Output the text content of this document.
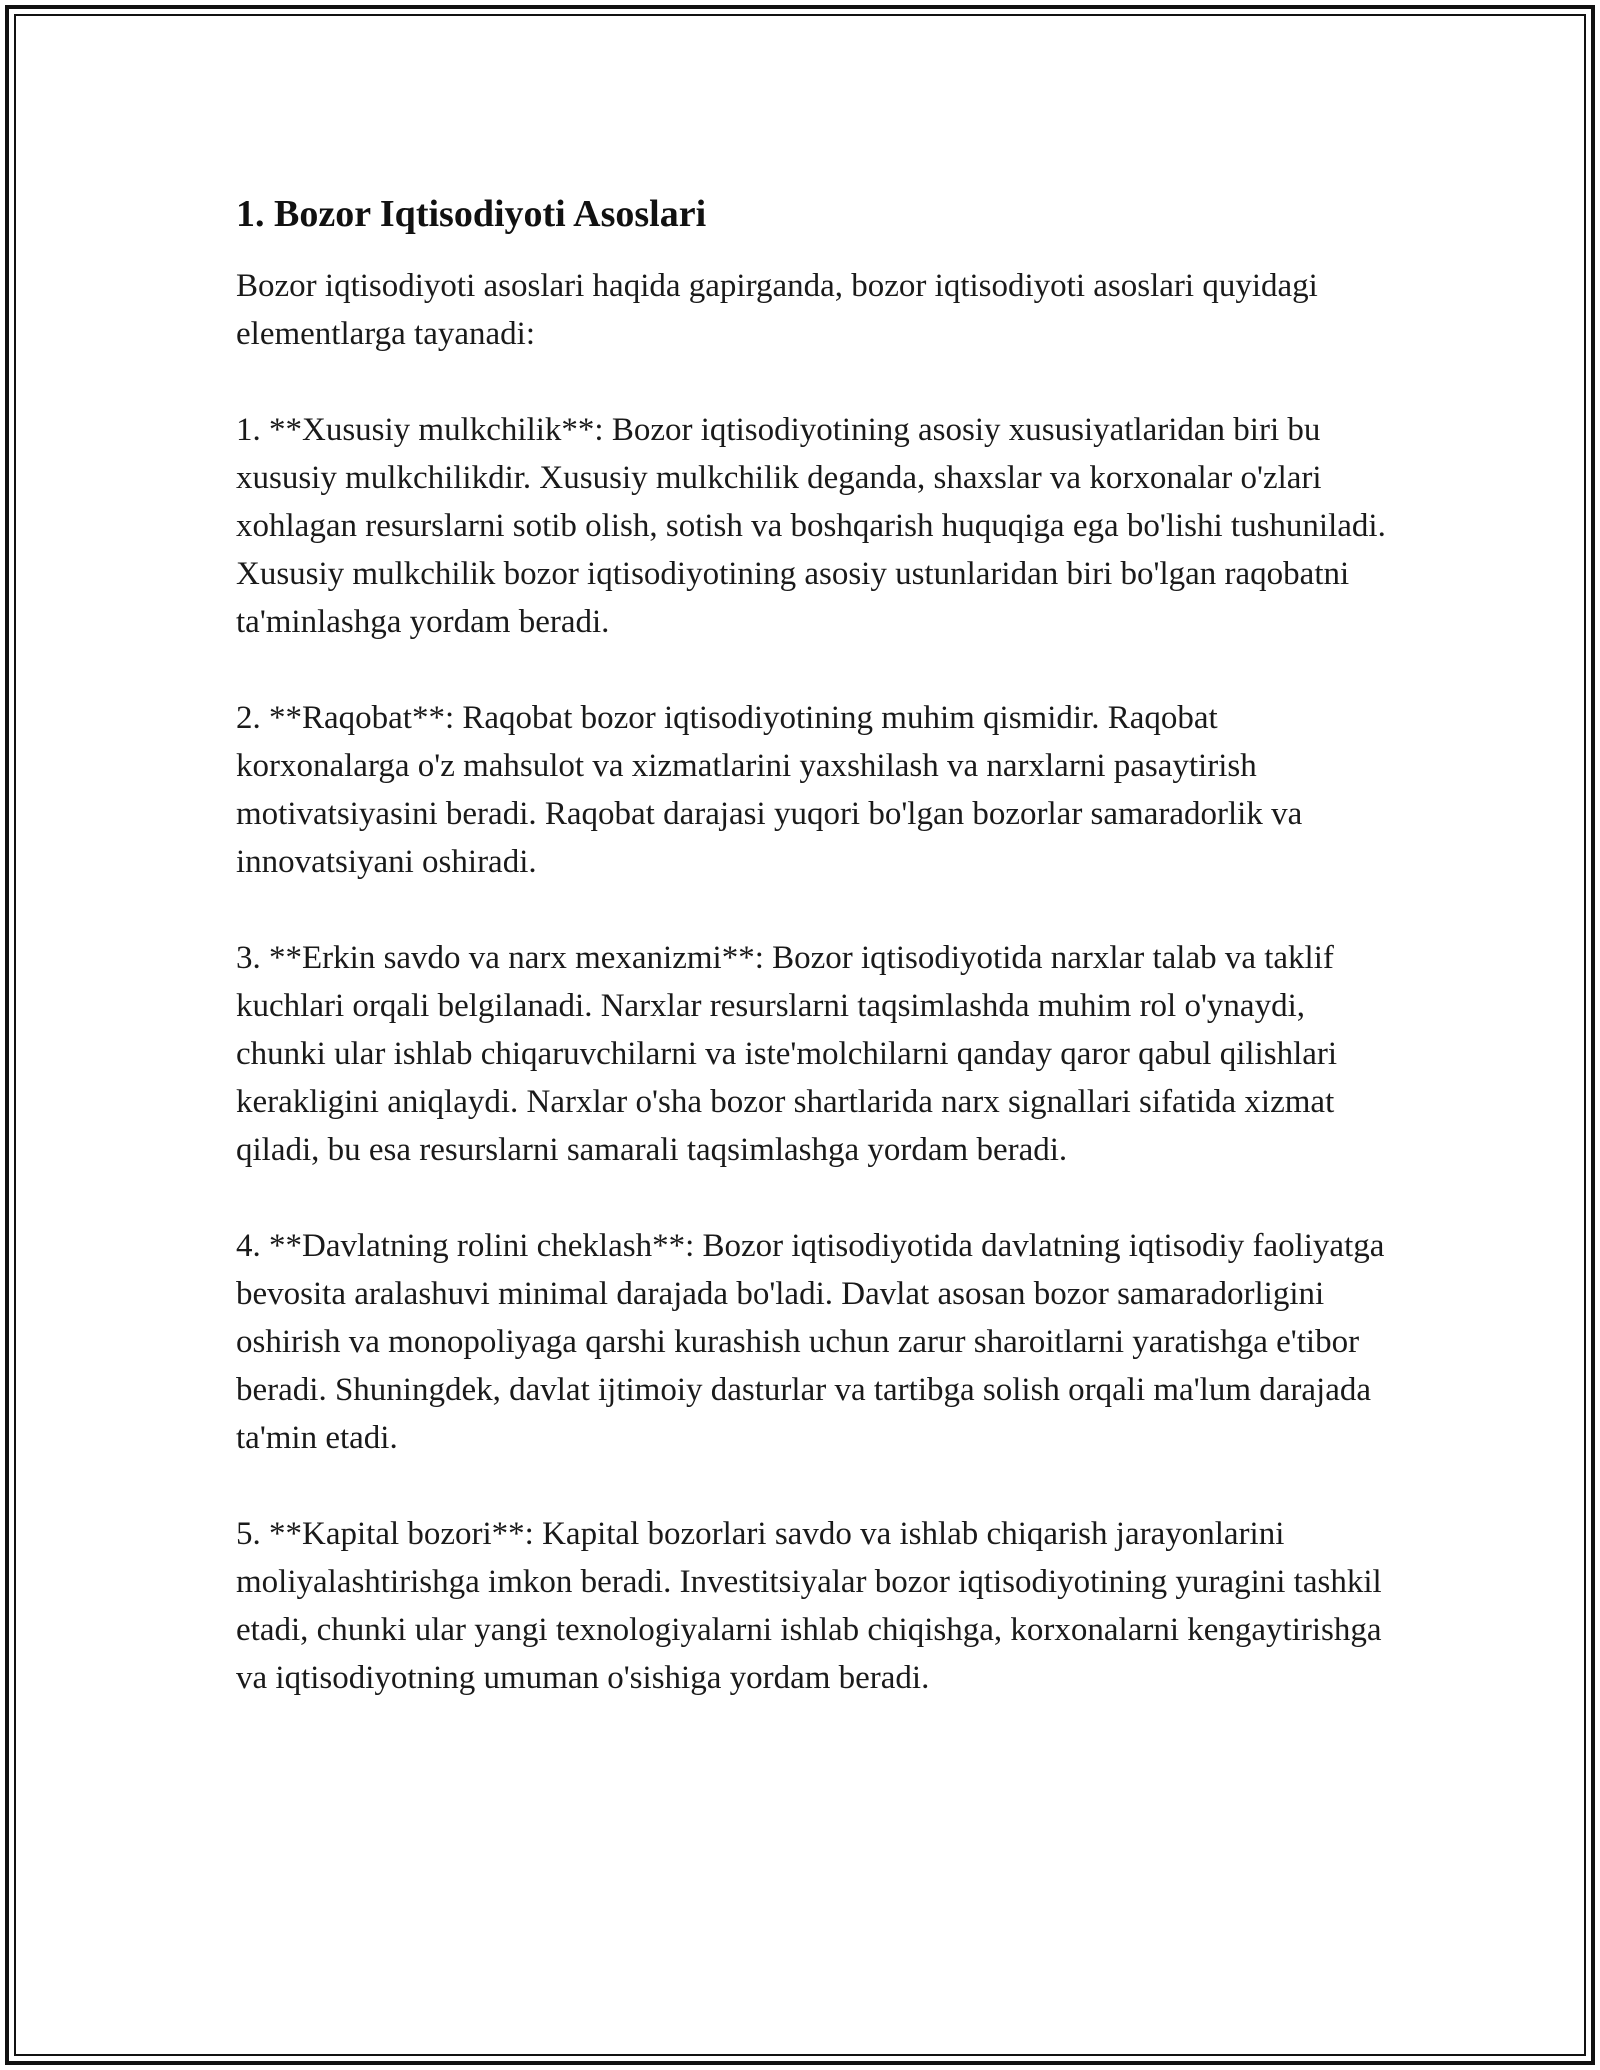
1. Bozor Iqtisodiyoti Asoslari

Bozor iqtisodiyoti asoslari haqida gapirganda, bozor iqtisodiyoti asoslari quyidagi elementlarga tayanadi:

1. **Xususiy mulkchilik**: Bozor iqtisodiyotining asosiy xususiyatlaridan biri bu xususiy mulkchilikdir. Xususiy mulkchilik deganda, shaxslar va korxonalar o'zlari xohlagan resurslarni sotib olish, sotish va boshqarish huquqiga ega bo'lishi tushuniladi. Xususiy mulkchilik bozor iqtisodiyotining asosiy ustunlaridan biri bo'lgan raqobatni ta'minlashga yordam beradi.

2. **Raqobat**: Raqobat bozor iqtisodiyotining muhim qismidir. Raqobat korxonalarga o'z mahsulot va xizmatlarini yaxshilash va narxlarni pasaytirish motivatsiyasini beradi. Raqobat darajasi yuqori bo'lgan bozorlar samaradorlik va innovatsiyani oshiradi.

3. **Erkin savdo va narx mexanizmi**: Bozor iqtisodiyotida narxlar talab va taklif kuchlari orqali belgilanadi. Narxlar resurslarni taqsimlashda muhim rol o'ynaydi, chunki ular ishlab chiqaruvchilarni va iste'molchilarni qanday qaror qabul qilishlari kerakligini aniqlaydi. Narxlar o'sha bozor shartlarida narx signallari sifatida xizmat qiladi, bu esa resurslarni samarali taqsimlashga yordam beradi.

4. **Davlatning rolini cheklash**: Bozor iqtisodiyotida davlatning iqtisodiy faoliyatga bevosita aralashuvi minimal darajada bo'ladi. Davlat asosan bozor samaradorligini oshirish va monopoliyaga qarshi kurashish uchun zarur sharoitlarni yaratishga e'tibor beradi. Shuningdek, davlat ijtimoiy dasturlar va tartibga solish orqali ma'lum darajada ta'min etadi.

5. **Kapital bozori**: Kapital bozorlari savdo va ishlab chiqarish jarayonlarini moliyalashtirishga imkon beradi. Investitsiyalar bozor iqtisodiyotining yuragini tashkil etadi, chunki ular yangi texnologiyalarni ishlab chiqishga, korxonalarni kengaytirishga va iqtisodiyotning umuman o'sishiga yordam beradi.
